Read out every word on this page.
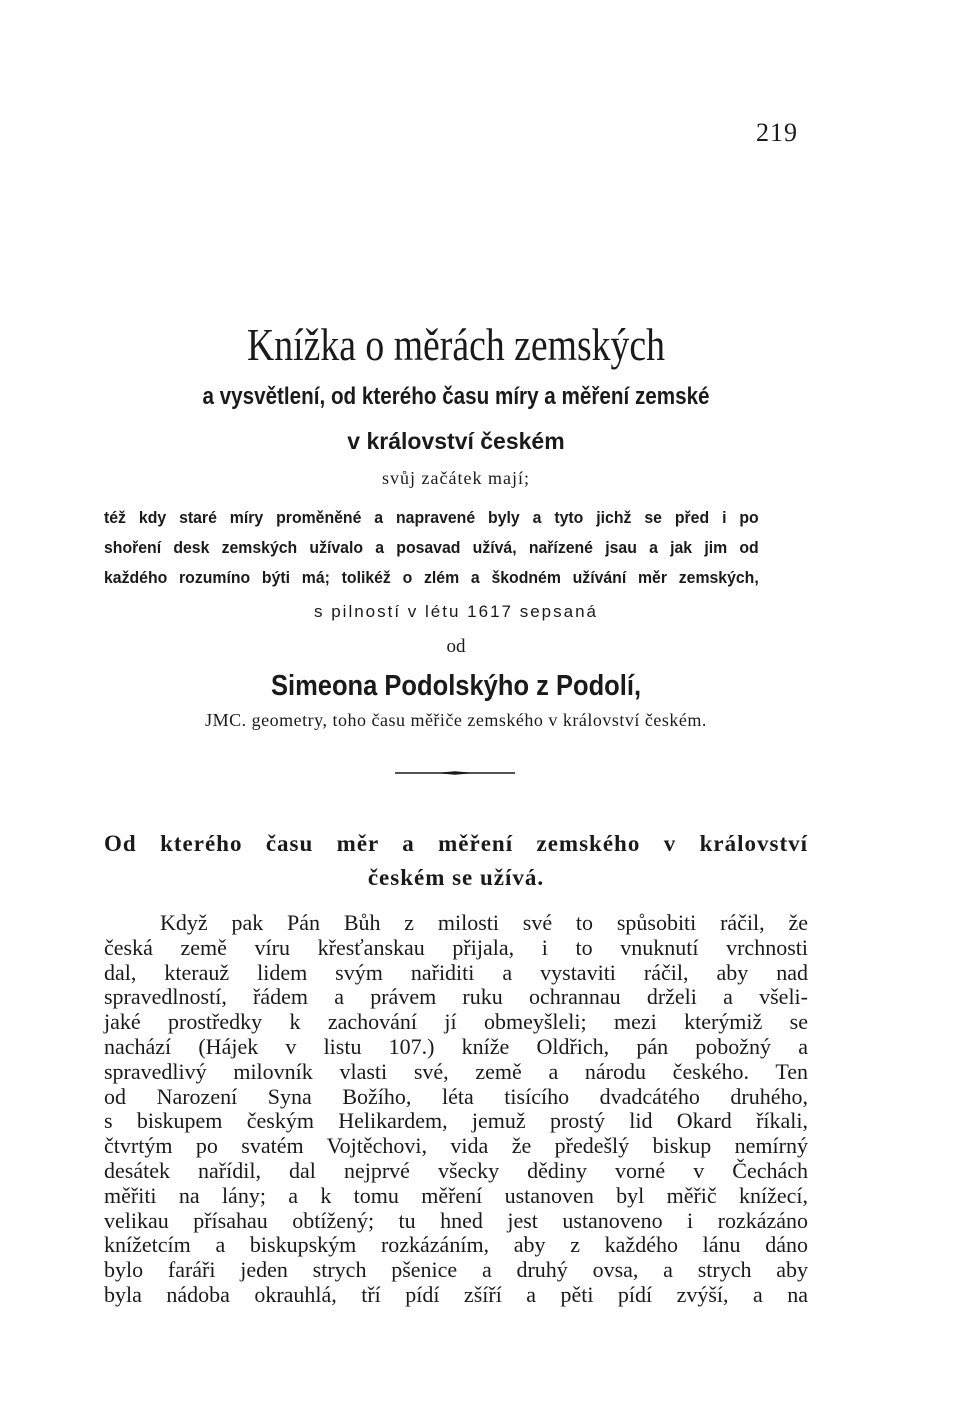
219
Knížka o měrách zemských
a vysvětlení, od kterého času míry a měření zemské
v království českém
svůj začátek mají;
též kdy staré míry proměněné a napravené byly a tyto jichž se před i po
shoření desk zemských užívalo a posavad užívá, nařízené jsau a jak jim od
každého rozumíno býti má; tolikéž o zlém a škodném užívání měr zemských,
s pilností v létu 1617 sepsaná
od
Simeona Podolskýho z Podolí,
JMC. geometry, toho času měřiče zemského v království českém.
Od kterého času měr a měření zemského v království
českém se užívá.
Když pak Pán Bůh z milosti své to spůsobiti ráčil, že
česká země víru křesťanskau přijala, i to vnuknutí vrchnosti
dal, kterauž lidem svým nařiditi a vystaviti ráčil, aby nad
spravedlností, řádem a právem ruku ochrannau drželi a všeli-
jaké prostředky k zachování jí obmeyšleli; mezi kterýmiž se
nachází (Hájek v listu 107.) kníže Oldřich, pán pobožný a
spravedlivý milovník vlasti své, země a národu českého. Ten
od Narození Syna Božího, léta tisícího dvadcátého druhého,
s biskupem českým Helikardem, jemuž prostý lid Okard říkali,
čtvrtým po svatém Vojtěchovi, vida že předešlý biskup nemírný
desátek nařídil, dal nejprvé všecky dědiny vorné v Čechách
měřiti na lány; a k tomu měření ustanoven byl měřič knížecí,
velikau přísahau obtížený; tu hned jest ustanoveno i rozkázáno
knížetcím a biskupským rozkázáním, aby z každého lánu dáno
bylo faráři jeden strych pšenice a druhý ovsa, a strych aby
byla nádoba okrauhlá, tří pídí zšíří a pěti pídí zvýší, a na
